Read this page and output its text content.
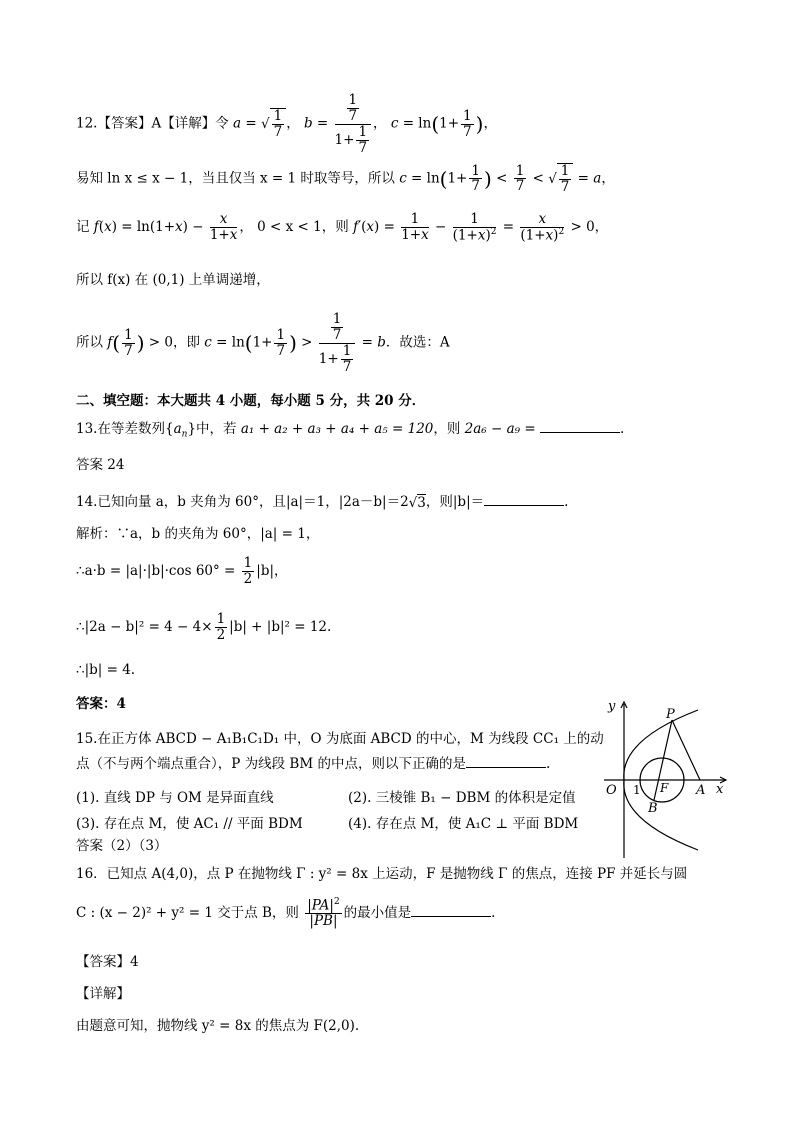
12.【答案】A【详解】令 a = √ $\frac{1}{7}$ ， $b = \frac{\frac{1}{7}}{1+ \frac{1}{7}}$ ， $c = \ln(1+ \frac{1}{7}$ )，
易知 ln x ≤ x − 1，当且仅当 x = 1 时取等号，所以 $c = \ln(1+ \frac{1}{7}$ ) < $\frac{1}{7}$ < √ $\frac{1}{7} = a$，
记 $f(x) = \ln(1+x) - \frac{x}{1+x}$ ， 0 < x < 1，则 $f'(x) = \frac{1}{1+x} - \frac{1}{(1+x)^2} = \frac{x}{(1+x)^2} > 0$，
所以 f(x) 在 (0,1) 上单调递增，
所以 $f( \frac{1}{7}$ ) > 0，即 $c = \ln(1+ \frac{1}{7}$ ) > $\frac{\frac{1}{7}}{1+ \frac{1}{7}} = b$．故选：A
二、填空题：本大题共 4 小题，每小题 5 分，共 20 分．
13.在等差数列$\{a_n\}$中，若 a₁ + a₂ + a₃ + a₄ + a₅ = 120，则 2a₆ − a₉ =	.
答案 24
14.已知向量 a，b 夹角为 60°，且|a|＝1，|2a－b|＝2√3，则|b|＝	.
解析：∵a，b 的夹角为 60°，|a| = 1，
∴a·b = |a|·|b|·cos $60^\circ = \frac{1}{2} |b|$，
∴|2a − $b|^2 = 4 - 4\times \frac{1}{2} |b| + |b|^2 = 12$.
∴|b| = 4.
答案：4
15.在正方体 ABCD − A₁B₁C₁D₁ 中，O 为底面 ABCD 的中心，M 为线段 CC₁ 上的动
点（不与两个端点重合），P 为线段 BM 的中点，则以下正确的是	.
(1). 直线 DP 与 OM 是异面直线	(2). 三棱锥 B₁ − DBM 的体积是定值
(3). 存在点 M，使 AC₁ // 平面 BDM	(4). 存在点 M，使 A₁C ⊥ 平面 BDM
答案（2）（3）
y
x
O 1 F A
P
B
16．已知点 A(4,0)，点 P 在抛物线 Γ : y² = 8x 上运动，F 是抛物线 Γ 的焦点，连接 PF 并延长与圆
C : (x − 2)² + y² = 1 交于点 B，则 $\frac{|PA|^2}{|PB|}$ 的最小值是	.
【答案】4
【详解】
由题意可知，抛物线 y² = 8x 的焦点为 F(2,0).
